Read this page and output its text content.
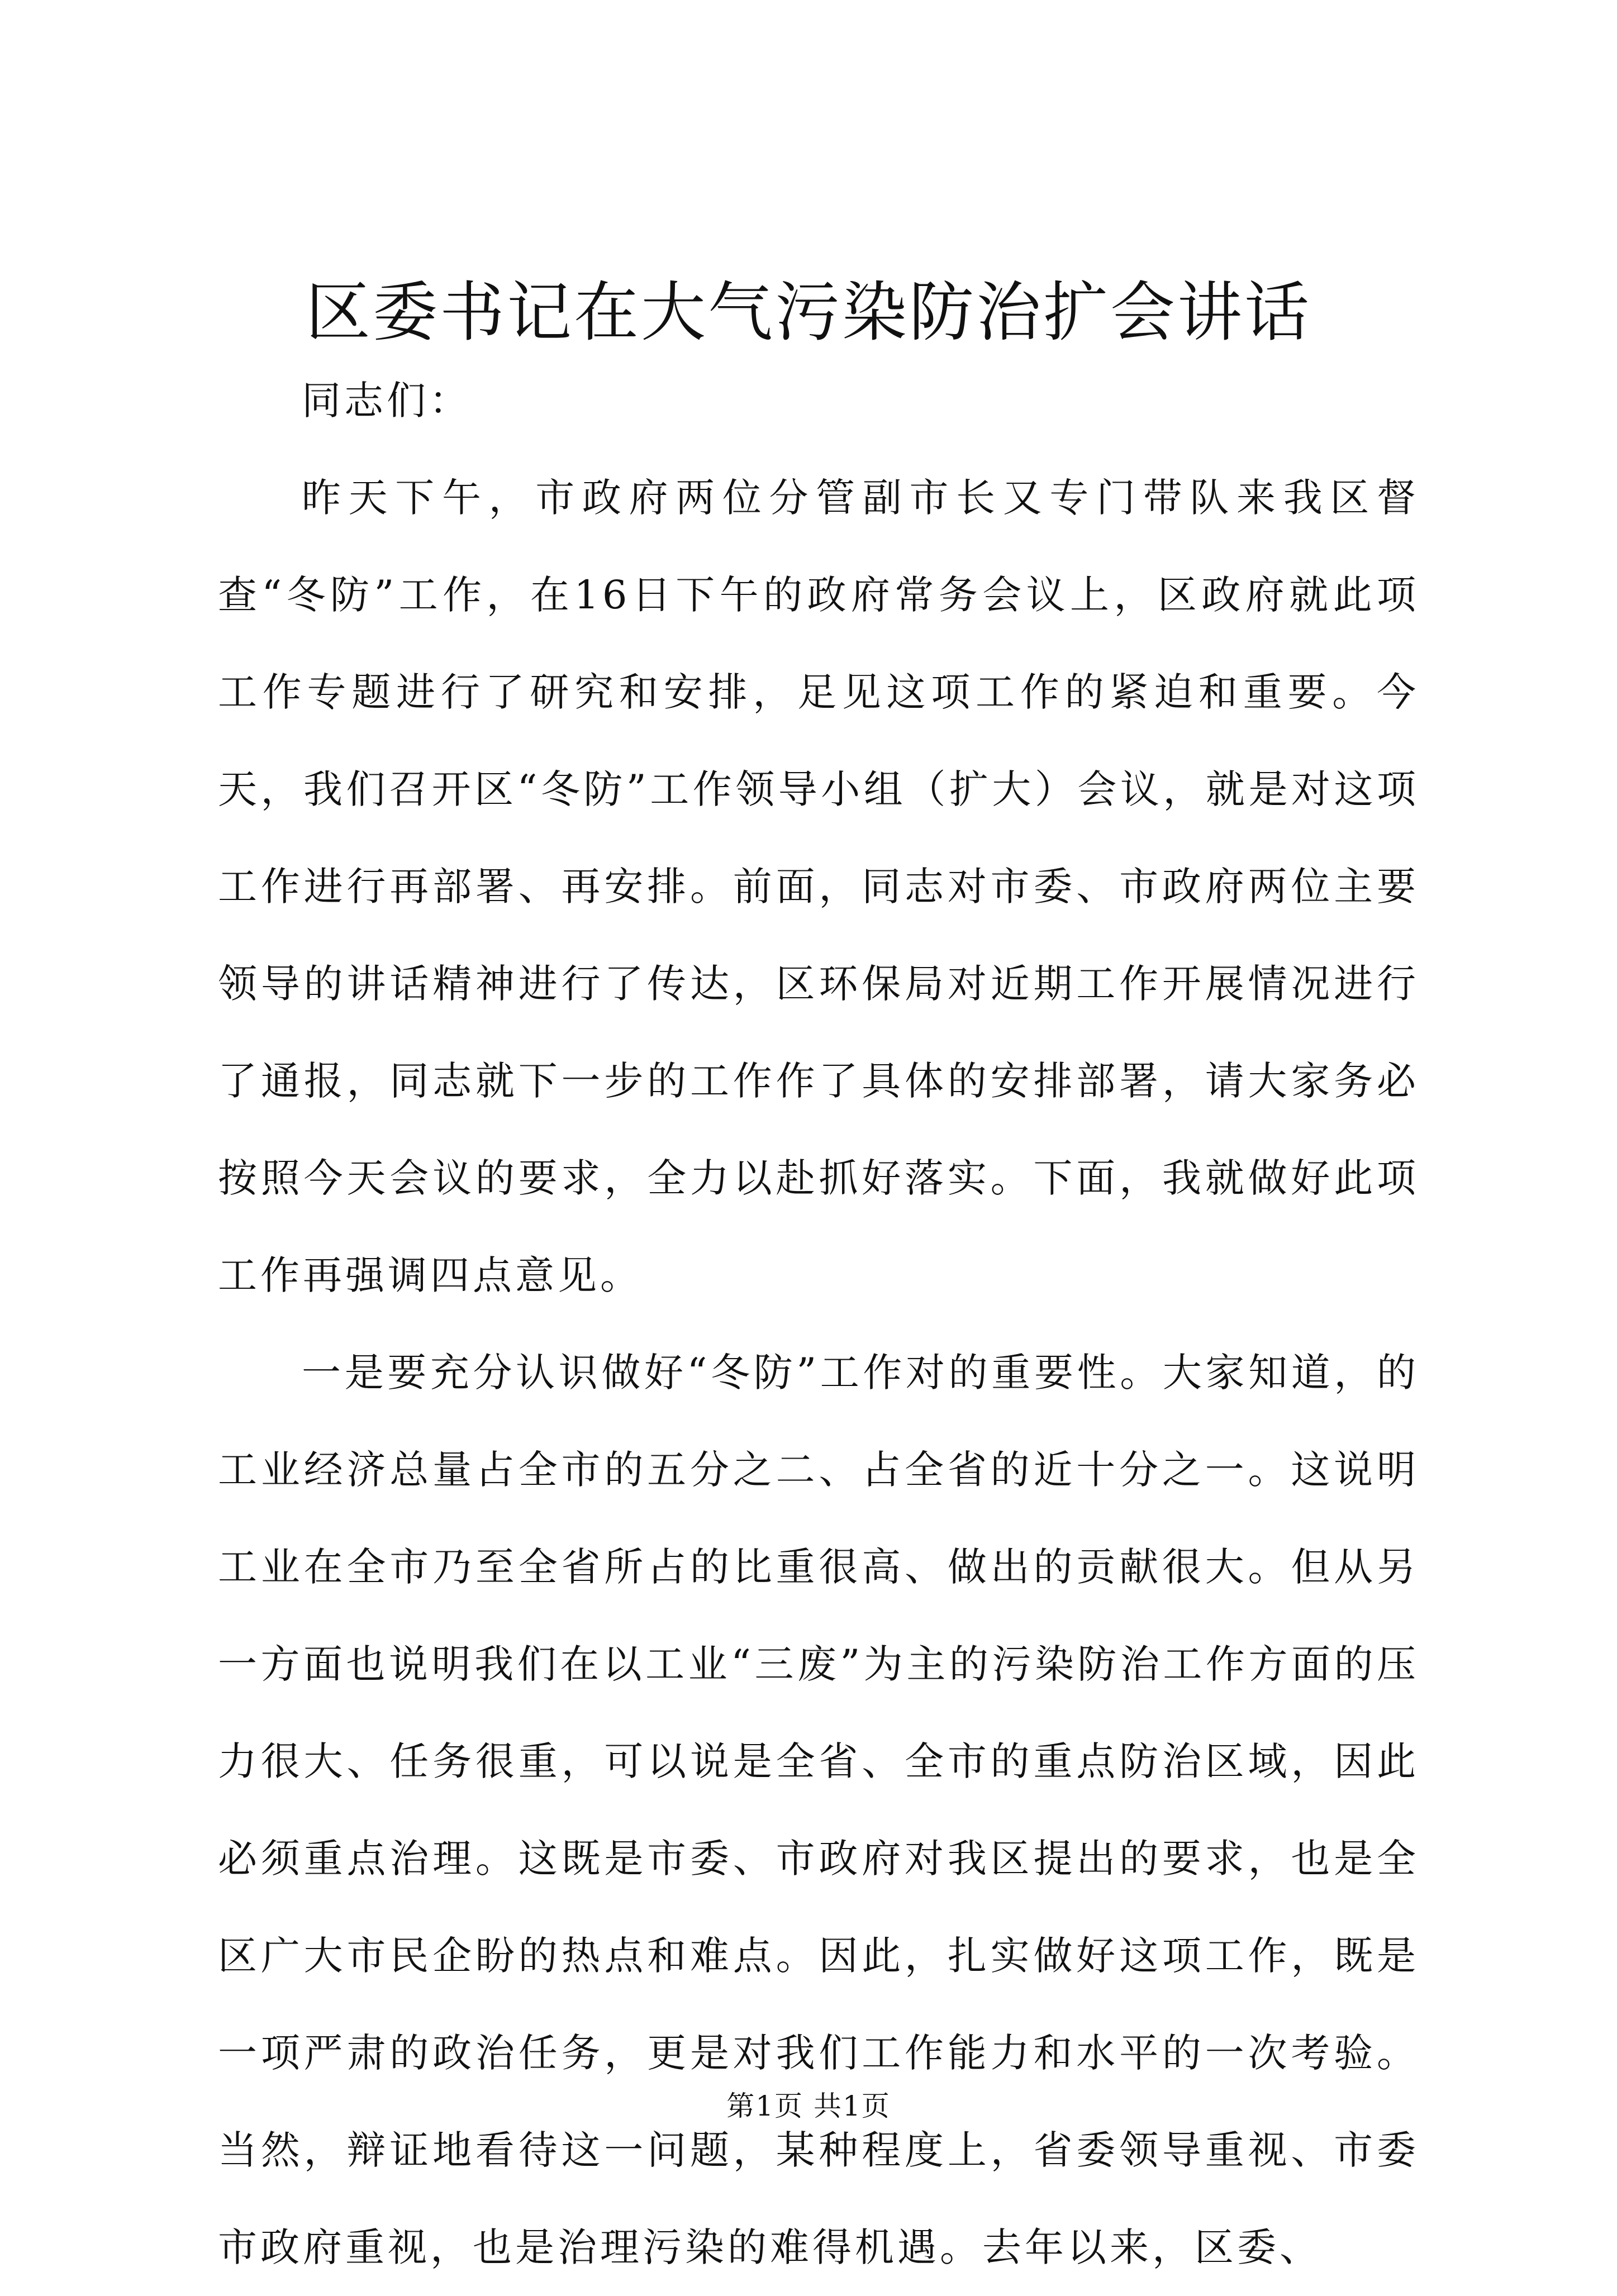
区委书记在大气污染防治扩会讲话

同志们：

昨天下午，市政府两位分管副市长又专门带队来我区督查“冬防”工作，在16日下午的政府常务会议上，区政府就此项工作专题进行了研究和安排，足见这项工作的紧迫和重要。今天，我们召开区“冬防”工作领导小组（扩大）会议，就是对这项工作进行再部署、再安排。前面，同志对市委、市政府两位主要领导的讲话精神进行了传达，区环保局对近期工作开展情况进行了通报，同志就下一步的工作作了具体的安排部署，请大家务必按照今天会议的要求，全力以赴抓好落实。下面，我就做好此项工作再强调四点意见。

一是要充分认识做好“冬防”工作对的重要性。大家知道，的工业经济总量占全市的五分之二、占全省的近十分之一。这说明工业在全市乃至全省所占的比重很高、做出的贡献很大。但从另一方面也说明我们在以工业“三废”为主的污染防治工作方面的压力很大、任务很重，可以说是全省、全市的重点防治区域，因此必须重点治理。这既是市委、市政府对我区提出的要求，也是全区广大市民企盼的热点和难点。因此，扎实做好这项工作，既是一项严肃的政治任务，更是对我们工作能力和水平的一次考验。当然，辩证地看待这一问题，某种程度上，省委领导重视、市委市政府重视，也是治理污染的难得机遇。去年以来，区委、

第1页 共1页
